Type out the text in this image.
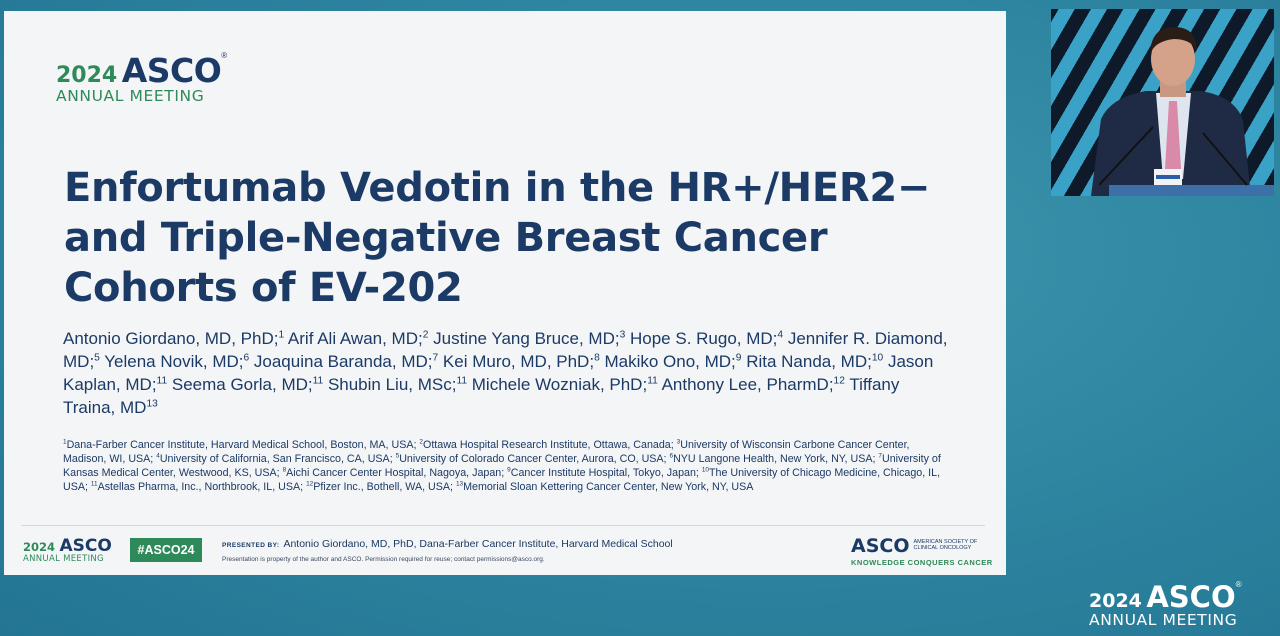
2024 ASCO®
ANNUAL MEETING
Enfortumab Vedotin in the HR+/HER2−
and Triple-Negative Breast Cancer
Cohorts of EV-202

Antonio Giordano, MD, PhD;$^1$ Arif Ali Awan, MD;$^2$ Justine Yang Bruce, MD;$^3$ Hope S. Rugo, MD;$^4$ Jennifer R. Diamond, MD;$^5$ Yelena Novik, MD;$^6$ Joaquina Baranda, MD;$^7$ Kei Muro, MD, PhD;$^8$ Makiko Ono, MD;$^9$ Rita Nanda, MD;$^{10}$ Jason Kaplan, MD;$^{11}$ Seema Gorla, MD;$^{11}$ Shubin Liu, MSc;$^{11}$ Michele Wozniak, PhD;$^{11}$ Anthony Lee, PharmD;$^{12}$ Tiffany Traina, MD$^{13}$

$^1$Dana-Farber Cancer Institute, Harvard Medical School, Boston, MA, USA; $^2$Ottawa Hospital Research Institute, Ottawa, Canada; $^3$University of Wisconsin Carbone Cancer Center, Madison, WI, USA; $^4$University of California, San Francisco, CA, USA; $^5$University of Colorado Cancer Center, Aurora, CO, USA; $^6$NYU Langone Health, New York, NY, USA; $^7$University of Kansas Medical Center, Westwood, KS, USA; $^8$Aichi Cancer Center Hospital, Nagoya, Japan; $^9$Cancer Institute Hospital, Tokyo, Japan; $^{10}$The University of Chicago Medicine, Chicago, IL, USA; $^{11}$Astellas Pharma, Inc., Northbrook, IL, USA; $^{12}$Pfizer Inc., Bothell, WA, USA; $^{13}$Memorial Sloan Kettering Cancer Center, New York, NY, USA

2024 ASCO
ANNUAL MEETING
#ASCO24	PRESENTED BY: Antonio Giordano, MD, PhD, Dana-Farber Cancer Institute, Harvard Medical School
Presentation is property of the author and ASCO. Permission required for reuse; contact permissions@asco.org.
ASCO AMERICAN SOCIETY OF CLINICAL ONCOLOGY
KNOWLEDGE CONQUERS CANCER
2024 ASCO®
ANNUAL MEETING
